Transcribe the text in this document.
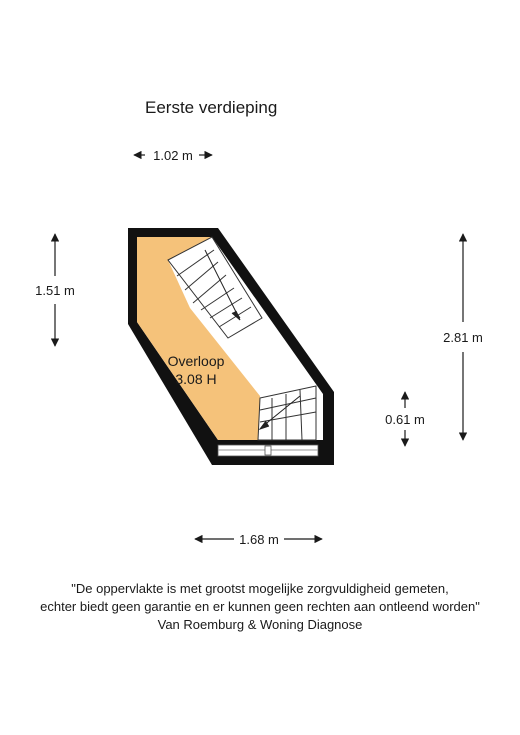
Eerste verdieping
Overloop
3.08 H
1.02 m
1.51 m
2.81 m
0.61 m
1.68 m
"De oppervlakte is met grootst mogelijke zorgvuldigheid gemeten,
echter biedt geen garantie en er kunnen geen rechten aan ontleend worden"
Van Roemburg & Woning Diagnose
